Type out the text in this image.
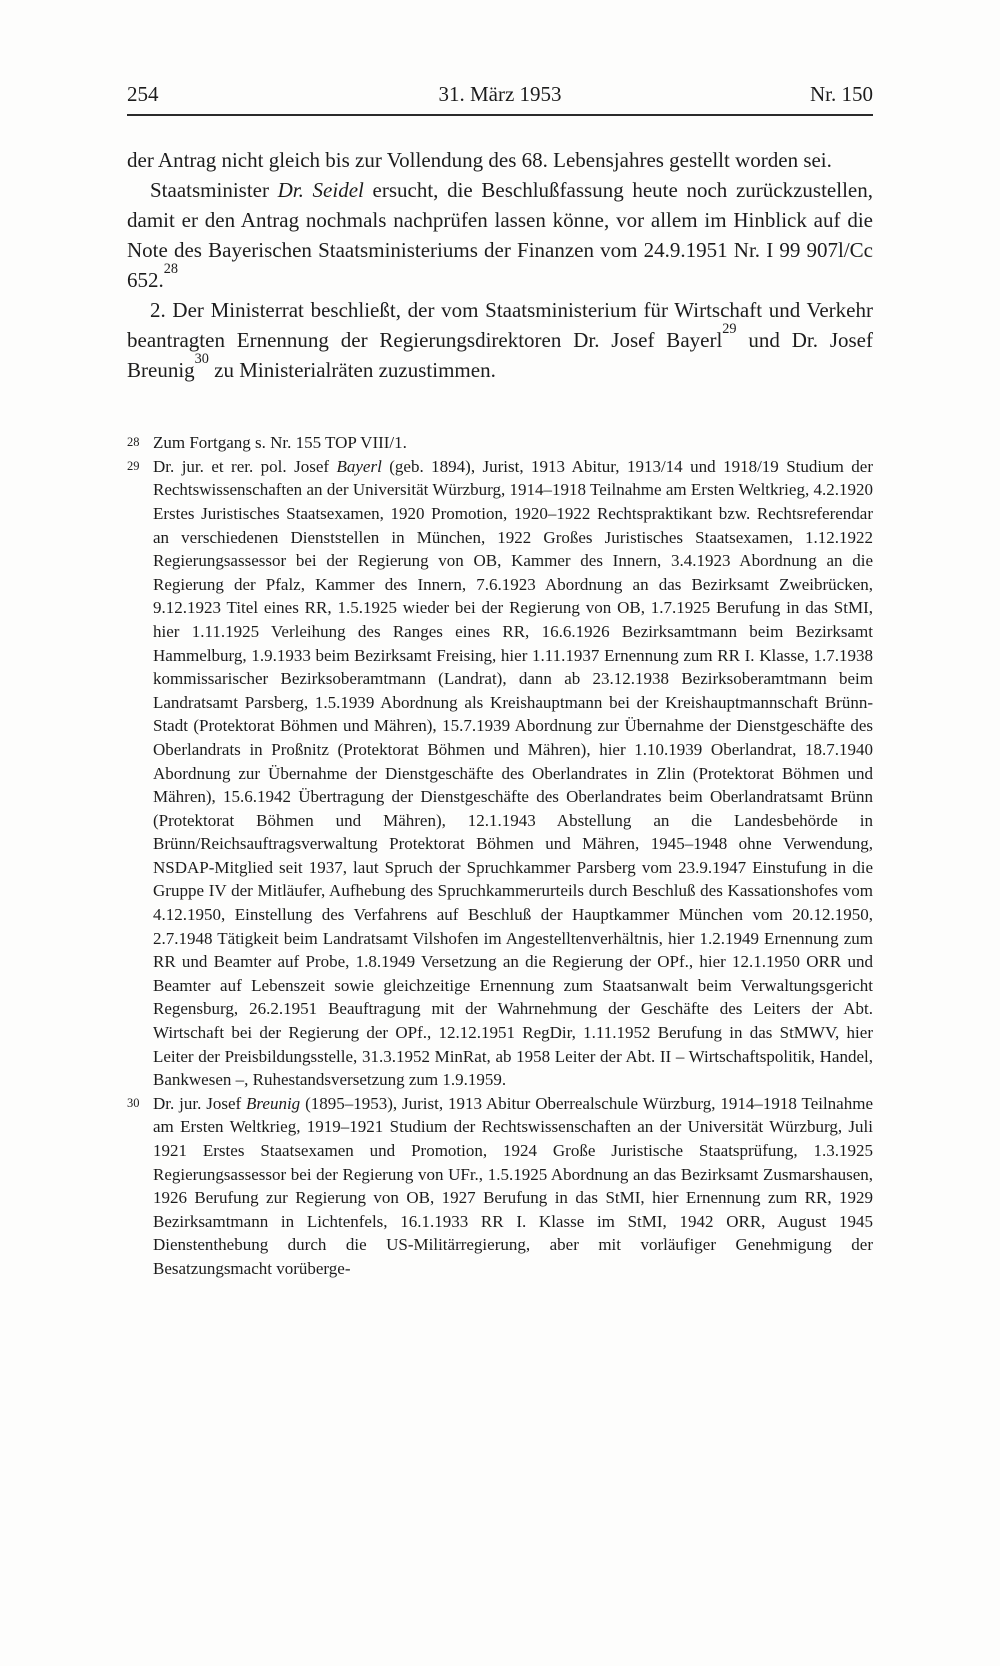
254	31. März 1953	Nr. 150

der Antrag nicht gleich bis zur Vollendung des 68. Lebensjahres gestellt worden sei.

Staatsminister Dr. Seidel ersucht, die Beschlußfassung heute noch zurückzustellen, damit er den Antrag nochmals nachprüfen lassen könne, vor allem im Hinblick auf die Note des Bayerischen Staatsministeriums der Finanzen vom 24.9.1951 Nr. I 99 907l/Cc 652.28

2. Der Ministerrat beschließt, der vom Staatsministerium für Wirtschaft und Verkehr beantragten Ernennung der Regierungsdirektoren Dr. Josef Bayerl$^{29}$ und Dr. Josef Breunig$^{30}$ zu Ministerialräten zuzustimmen.

28 Zum Fortgang s. Nr. 155 TOP VIII/1.
29 Dr. jur. et rer. pol. Josef Bayerl (geb. 1894), Jurist, 1913 Abitur, 1913/14 und 1918/19 Studium der Rechtswissenschaften an der Universität Würzburg, 1914–1918 Teilnahme am Ersten Weltkrieg, 4.2.1920 Erstes Juristisches Staatsexamen, 1920 Promotion, 1920–1922 Rechtspraktikant bzw. Rechtsreferendar an verschiedenen Dienststellen in München, 1922 Großes Juristisches Staatsexamen, 1.12.1922 Regierungsassessor bei der Regierung von OB, Kammer des Innern, 3.4.1923 Abordnung an die Regierung der Pfalz, Kammer des Innern, 7.6.1923 Abordnung an das Bezirksamt Zweibrücken, 9.12.1923 Titel eines RR, 1.5.1925 wieder bei der Regierung von OB, 1.7.1925 Berufung in das StMI, hier 1.11.1925 Verleihung des Ranges eines RR, 16.6.1926 Bezirksamtmann beim Bezirksamt Hammelburg, 1.9.1933 beim Bezirksamt Freising, hier 1.11.1937 Ernennung zum RR I. Klasse, 1.7.1938 kommissarischer Bezirksoberamtmann (Landrat), dann ab 23.12.1938 Bezirksoberamtmann beim Landratsamt Parsberg, 1.5.1939 Abordnung als Kreishauptmann bei der Kreishauptmannschaft Brünn-Stadt (Protektorat Böhmen und Mähren), 15.7.1939 Abordnung zur Übernahme der Dienstgeschäfte des Oberlandrats in Proßnitz (Protektorat Böhmen und Mähren), hier 1.10.1939 Oberlandrat, 18.7.1940 Abordnung zur Übernahme der Dienstgeschäfte des Oberlandrates in Zlin (Protektorat Böhmen und Mähren), 15.6.1942 Übertragung der Dienstgeschäfte des Oberlandrates beim Oberlandratsamt Brünn (Protektorat Böhmen und Mähren), 12.1.1943 Abstellung an die Landesbehörde in Brünn/Reichsauftragsverwaltung Protektorat Böhmen und Mähren, 1945–1948 ohne Verwendung, NSDAP-Mitglied seit 1937, laut Spruch der Spruchkammer Parsberg vom 23.9.1947 Einstufung in die Gruppe IV der Mitläufer, Aufhebung des Spruchkammerurteils durch Beschluß des Kassationshofes vom 4.12.1950, Einstellung des Verfahrens auf Beschluß der Hauptkammer München vom 20.12.1950, 2.7.1948 Tätigkeit beim Landratsamt Vilshofen im Angestelltenverhältnis, hier 1.2.1949 Ernennung zum RR und Beamter auf Probe, 1.8.1949 Versetzung an die Regierung der OPf., hier 12.1.1950 ORR und Beamter auf Lebenszeit sowie gleichzeitige Ernennung zum Staatsanwalt beim Verwaltungsgericht Regensburg, 26.2.1951 Beauftragung mit der Wahrnehmung der Geschäfte des Leiters der Abt. Wirtschaft bei der Regierung der OPf., 12.12.1951 RegDir, 1.11.1952 Berufung in das StMWV, hier Leiter der Preisbildungsstelle, 31.3.1952 MinRat, ab 1958 Leiter der Abt. II – Wirtschaftspolitik, Handel, Bankwesen –, Ruhestandsversetzung zum 1.9.1959.
30 Dr. jur. Josef Breunig (1895–1953), Jurist, 1913 Abitur Oberrealschule Würzburg, 1914–1918 Teilnahme am Ersten Weltkrieg, 1919–1921 Studium der Rechtswissenschaften an der Universität Würzburg, Juli 1921 Erstes Staatsexamen und Promotion, 1924 Große Juristische Staatsprüfung, 1.3.1925 Regierungsassessor bei der Regierung von UFr., 1.5.1925 Abordnung an das Bezirksamt Zusmarshausen, 1926 Berufung zur Regierung von OB, 1927 Berufung in das StMI, hier Ernennung zum RR, 1929 Bezirksamtmann in Lichtenfels, 16.1.1933 RR I. Klasse im StMI, 1942 ORR, August 1945 Dienstenthebung durch die US-Militärregierung, aber mit vorläufiger Genehmigung der Besatzungsmacht vorüberge-
